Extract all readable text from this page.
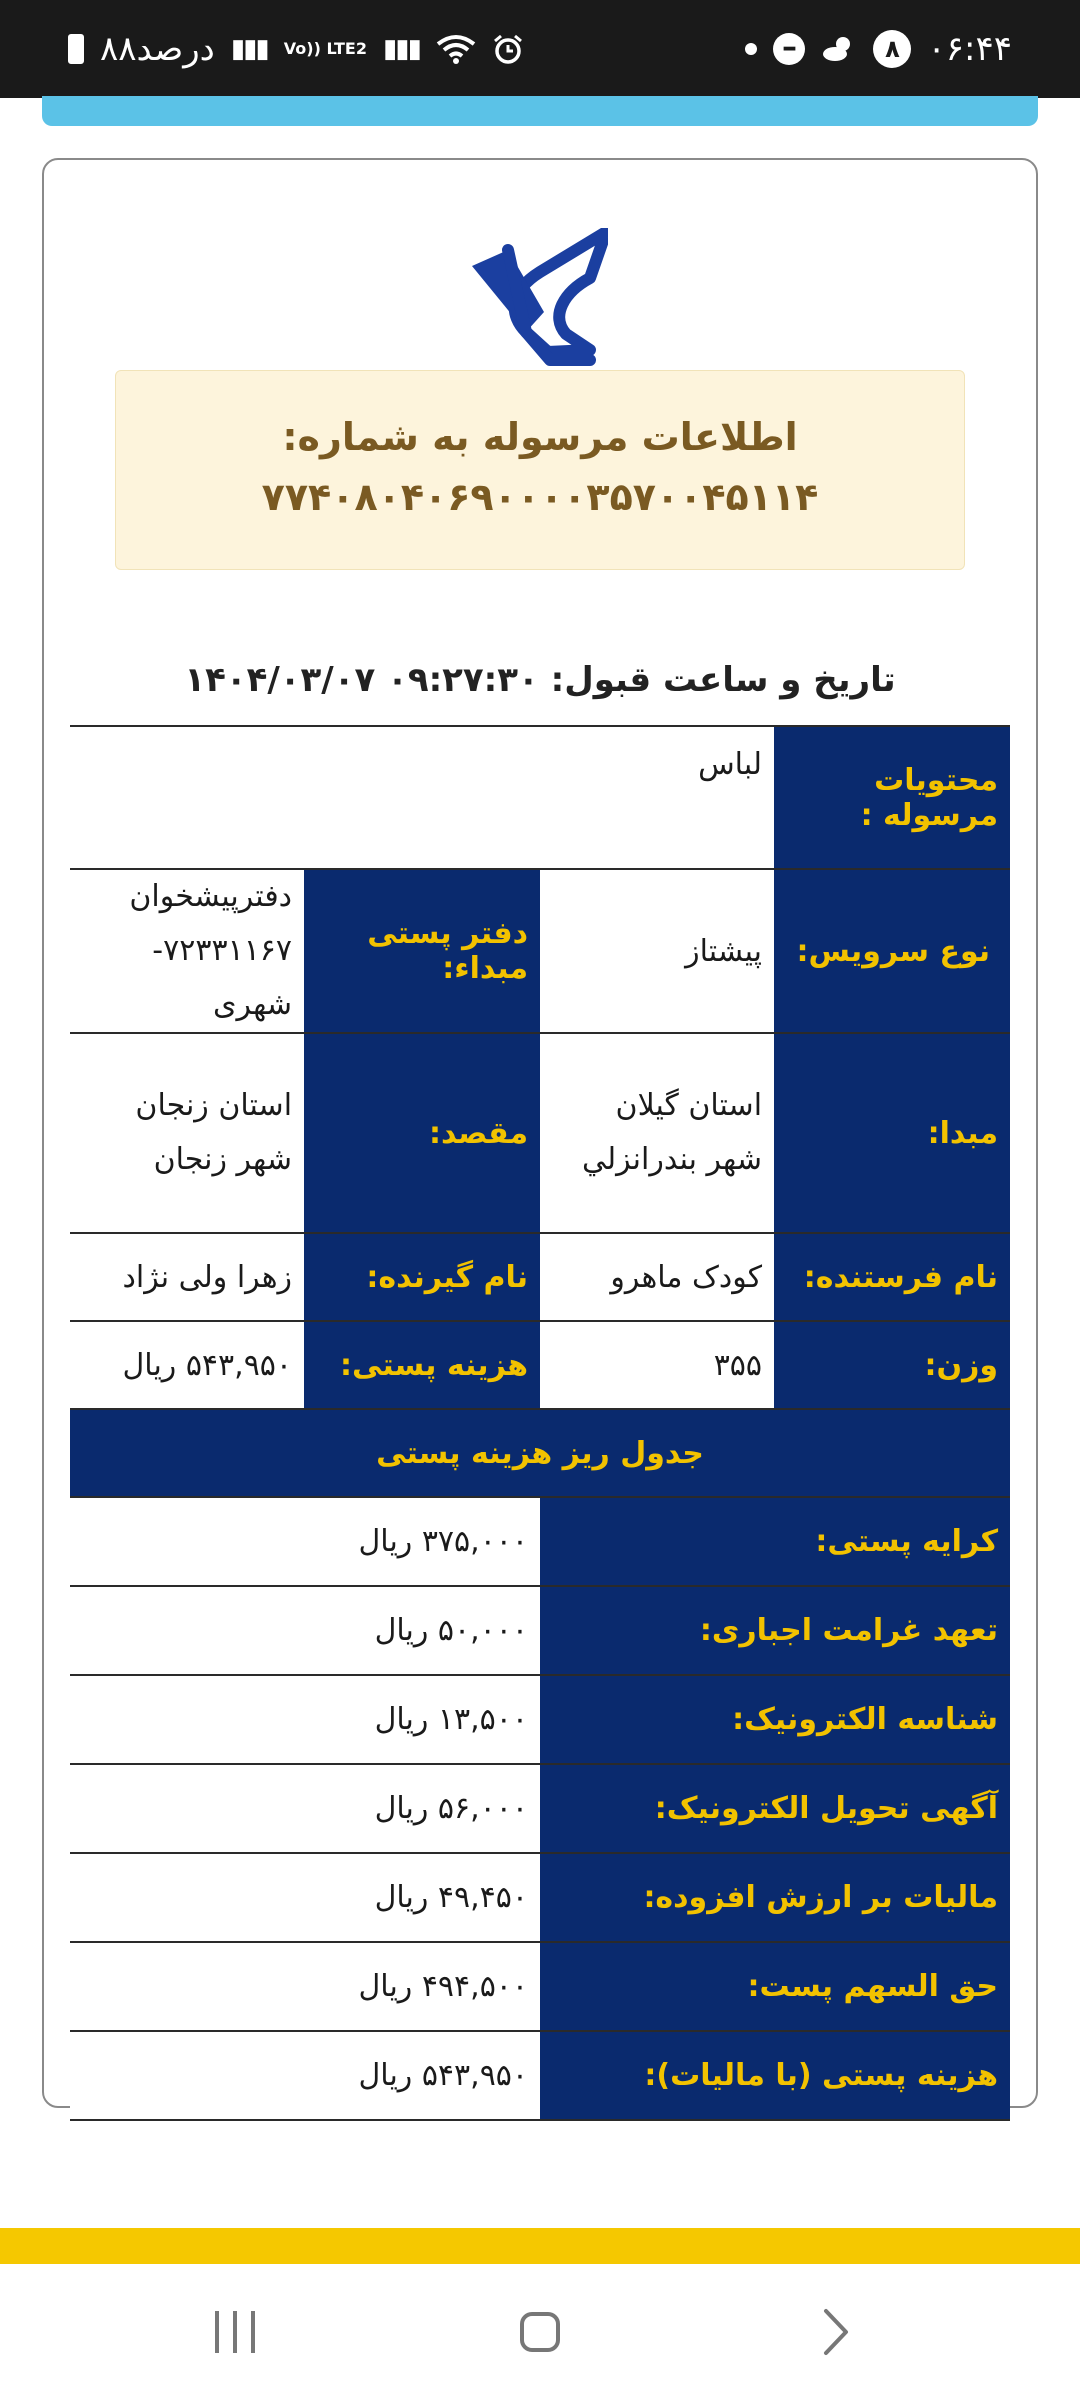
۸۸درصد ▮▮▮ Vo)) LTE2 ▮▮▮	–	۸ ۰۶:۴۴
اطلاعات مرسوله به شماره:
۷۷۴۰۸۰۴۰۶۹۰۰۰۰۳۵۷۰۰۴۵۱۱۴
تاریخ و ساعت قبول: ۱۴۰۴/۰۳/۰۷ ۰۹:۲۷:۳۰
محتویات مرسوله :	لباس		
نوع سرویس:	پیشتاز	دفتر پستی مبداء:	دفترپیشخوان ۷۲۳۳۱۱۶۷-شهری
مبدا:	استان گیلان شهر بندرانزلي	مقصد:	استان زنجان شهر زنجان
نام فرستنده:	کودک ماهرو	نام گیرنده:	زهرا ولی نژاد
وزن:	۳۵۵	هزینه پستی:	۵۴۳,۹۵۰ ریال
جدول ریز هزینه پستی			
کرایه پستی:		۳۷۵,۰۰۰ ریال	
تعهد غرامت اجباری:		۵۰,۰۰۰ ریال	
شناسه الکترونیک:		۱۳,۵۰۰ ریال	
آگهی تحویل الکترونیک:		۵۶,۰۰۰ ریال	
مالیات بر ارزش افزوده:		۴۹,۴۵۰ ریال	
حق السهم پست:		۴۹۴,۵۰۰ ریال	
هزینه پستی (با مالیات):		۵۴۳,۹۵۰ ریال	
